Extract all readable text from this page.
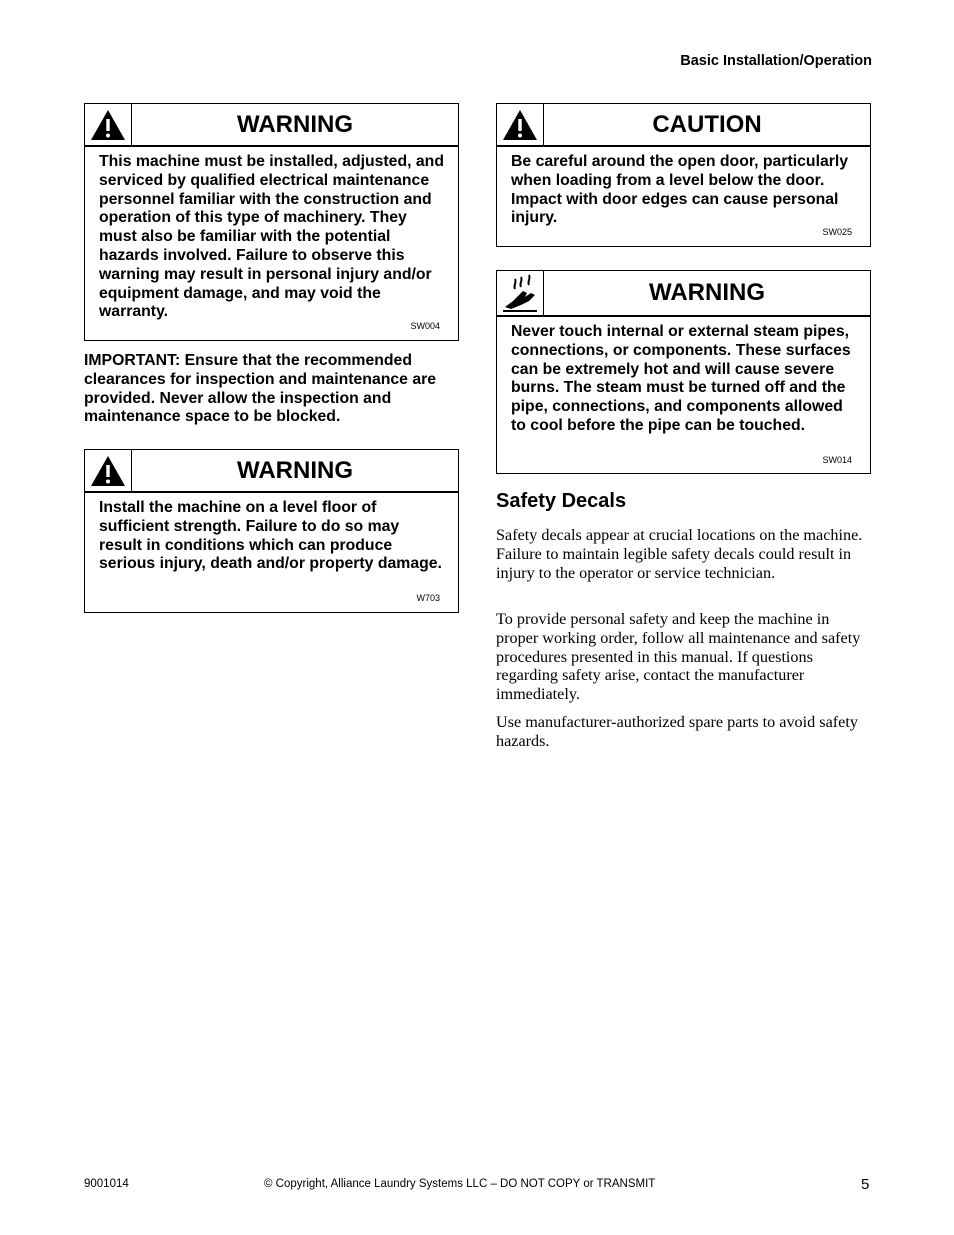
Basic Installation/Operation
WARNING
This machine must be installed, adjusted, and serviced by qualified electrical maintenance personnel familiar with the construction and operation of this type of machinery. They must also be familiar with the potential hazards involved. Failure to observe this warning may result in personal injury and/or equipment damage, and may void the warranty.
SW004
IMPORTANT: Ensure that the recommended clearances for inspection and maintenance are provided. Never allow the inspection and maintenance space to be blocked.
WARNING
Install the machine on a level floor of sufficient strength. Failure to do so may result in conditions which can produce serious injury, death and/or property damage.
W703
CAUTION
Be careful around the open door, particularly when loading from a level below the door. Impact with door edges can cause personal injury.
SW025
WARNING
Never touch internal or external steam pipes, connections, or components. These surfaces can be extremely hot and will cause severe burns. The steam must be turned off and the pipe, connections, and components allowed to cool before the pipe can be touched.
SW014
Safety Decals
Safety decals appear at crucial locations on the machine. Failure to maintain legible safety decals could result in injury to the operator or service technician.
To provide personal safety and keep the machine in proper working order, follow all maintenance and safety procedures presented in this manual. If questions regarding safety arise, contact the manufacturer immediately.
Use manufacturer-authorized spare parts to avoid safety hazards.
9001014	© Copyright, Alliance Laundry Systems LLC – DO NOT COPY or TRANSMIT	5
